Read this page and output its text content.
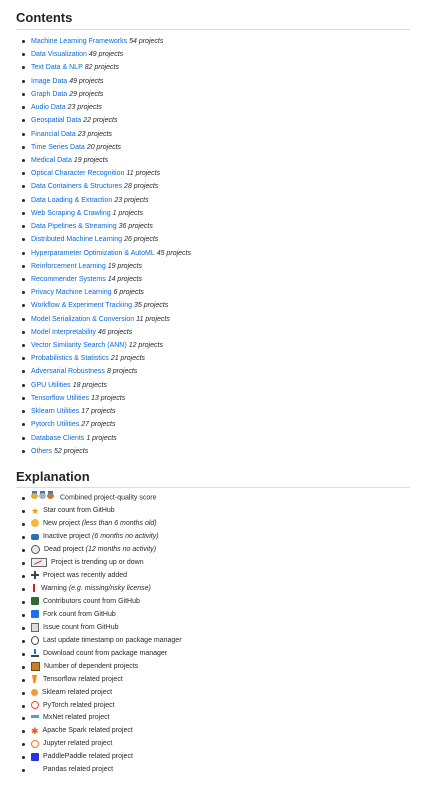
Contents
Machine Learning Frameworks 54 projects
Data Visualization 49 projects
Text Data & NLP 82 projects
Image Data 49 projects
Graph Data 29 projects
Audio Data 23 projects
Geospatial Data 22 projects
Financial Data 23 projects
Time Series Data 20 projects
Medical Data 19 projects
Optical Character Recognition 11 projects
Data Containers & Structures 28 projects
Data Loading & Extraction 23 projects
Web Scraping & Crawling 1 projects
Data Pipelines & Streaming 36 projects
Distributed Machine Learning 26 projects
Hyperparameter Optimization & AutoML 45 projects
Reinforcement Learning 19 projects
Recommender Systems 14 projects
Privacy Machine Learning 6 projects
Workflow & Experiment Tracking 35 projects
Model Serialization & Conversion 11 projects
Model Interpretability 46 projects
Vector Similarity Search (ANN) 12 projects
Probabilistics & Statistics 21 projects
Adversarial Robustness 8 projects
GPU Utilities 18 projects
Tensorflow Utilities 13 projects
Sklearn Utilities 17 projects
Pytorch Utilities 27 projects
Database Clients 1 projects
Others 52 projects
Explanation
Combined project-quality score
★ Star count from GitHub
New project (less than 6 months old)
Inactive project (6 months no activity)
Dead project (12 months no activity)
Project is trending up or down
Project was recently added
Warning (e.g. missing/risky license)
Contributors count from GitHub
Fork count from GitHub
Issue count from GitHub
Last update timestamp on package manager
Download count from package manager
Number of dependent projects
Tensorflow related project
Sklearn related project
PyTorch related project
MxNet related project
✱ Apache Spark related project
Jupyter related project
PaddlePaddle related project
Pandas related project
